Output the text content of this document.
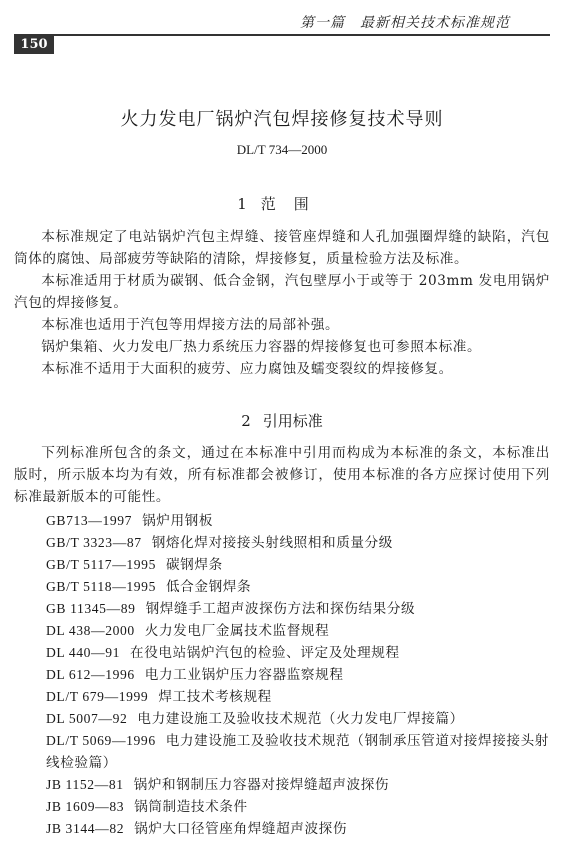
第一篇　最新相关技术标准规范
150
火力发电厂锅炉汽包焊接修复技术导则
DL/T 734—2000
1 范围

本标准规定了电站锅炉汽包主焊缝、接管座焊缝和人孔加强圈焊缝的缺陷，汽包筒体的腐蚀、局部疲劳等缺陷的清除，焊接修复，质量检验方法及标准。

本标准适用于材质为碳钢、低合金钢，汽包壁厚小于或等于 203mm 发电用锅炉汽包的焊接修复。

本标准也适用于汽包等用焊接方法的局部补强。

锅炉集箱、火力发电厂热力系统压力容器的焊接修复也可参照本标准。

本标准不适用于大面积的疲劳、应力腐蚀及蠕变裂纹的焊接修复。

2 引用标准

下列标准所包含的条文，通过在本标准中引用而构成为本标准的条文，本标准出版时，所示版本均为有效，所有标准都会被修订，使用本标准的各方应探讨使用下列标准最新版本的可能性。

GB713—1997 锅炉用钢板

GB/T 3323—87 钢熔化焊对接接头射线照相和质量分级

GB/T 5117—1995 碳钢焊条

GB/T 5118—1995 低合金钢焊条

GB 11345—89 钢焊缝手工超声波探伤方法和探伤结果分级

DL 438—2000 火力发电厂金属技术监督规程

DL 440—91 在役电站锅炉汽包的检验、评定及处理规程

DL 612—1996 电力工业锅炉压力容器监察规程

DL/T 679—1999 焊工技术考核规程

DL 5007—92 电力建设施工及验收技术规范（火力发电厂焊接篇）

DL/T 5069—1996 电力建设施工及验收技术规范（钢制承压管道对接焊接接头射线检验篇）

JB 1152—81 锅炉和钢制压力容器对接焊缝超声波探伤

JB 1609—83 锅筒制造技术条件

JB 3144—82 锅炉大口径管座角焊缝超声波探伤
